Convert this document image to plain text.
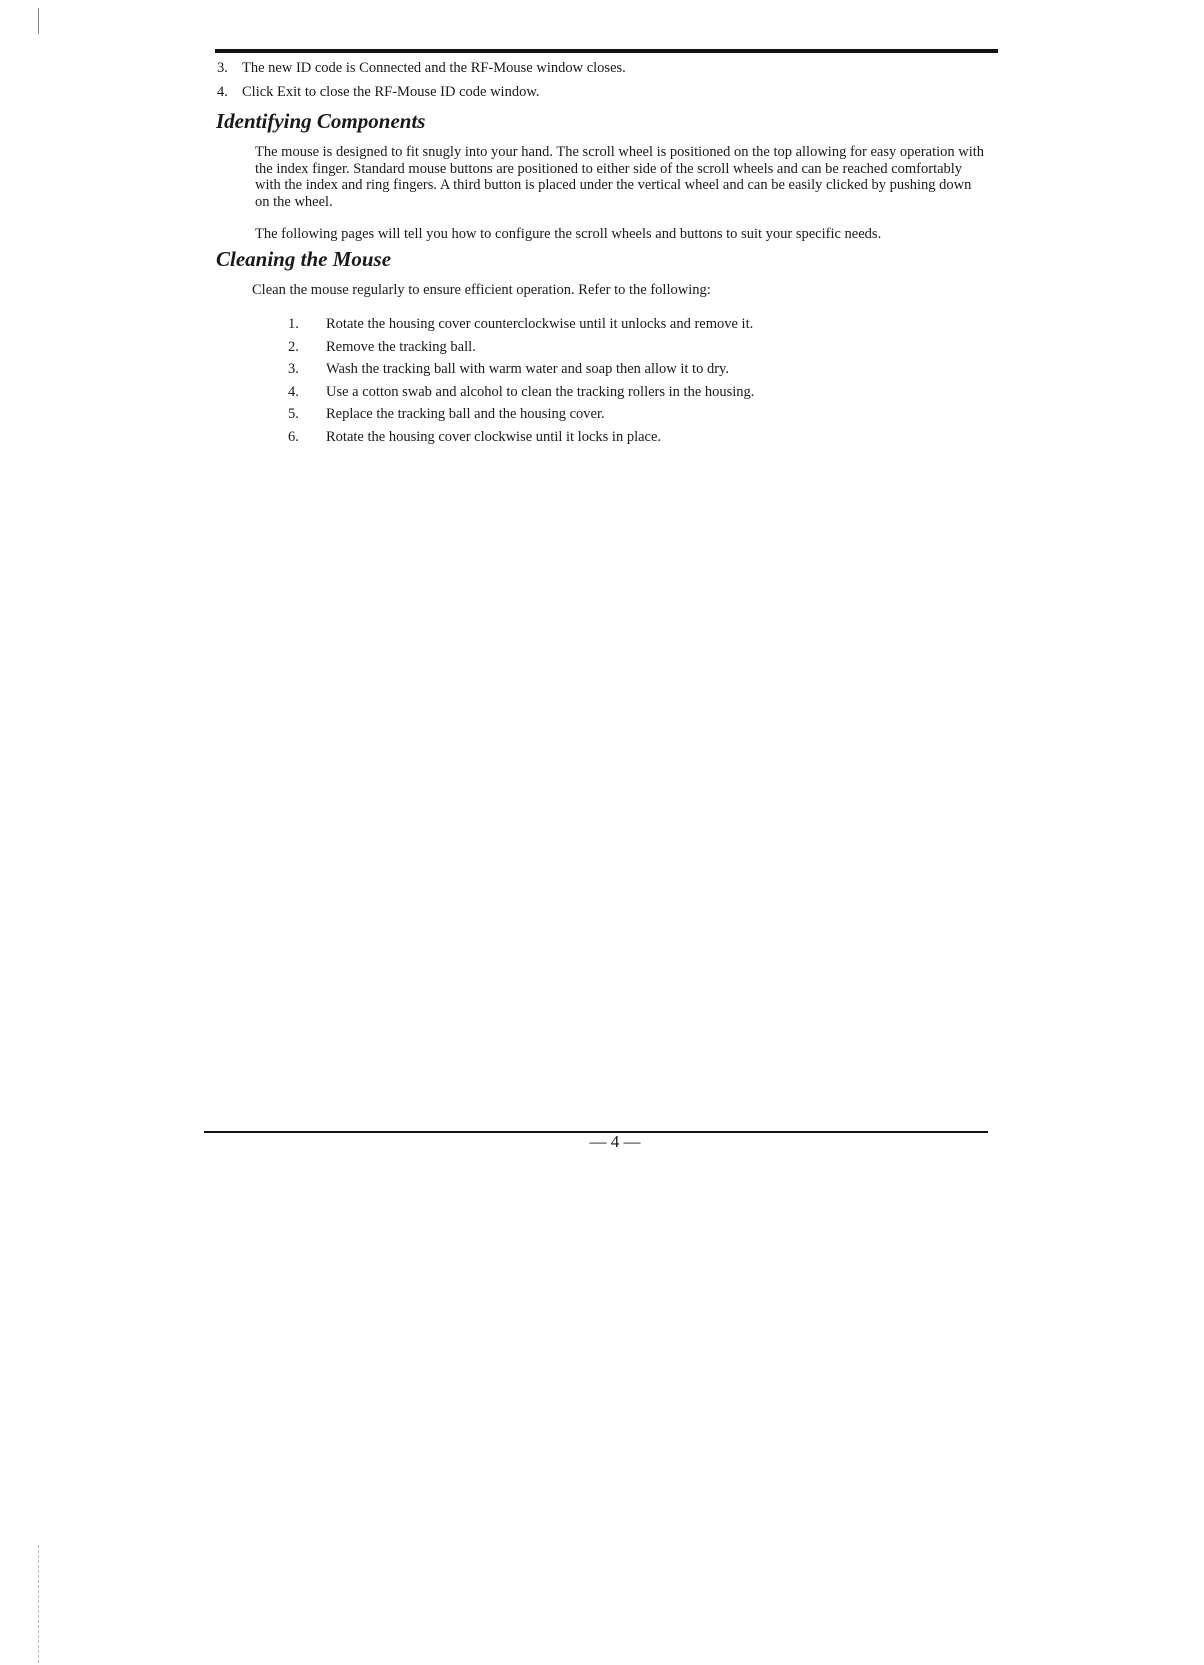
3. The new ID code is Connected and the RF-Mouse window closes.
4. Click Exit to close the RF-Mouse ID code window.
Identifying Components
The mouse is designed to fit snugly into your hand. The scroll wheel is positioned on the top allowing for easy operation with the index finger. Standard mouse buttons are positioned to either side of the scroll wheels and can be reached comfortably with the index and ring fingers. A third button is placed under the vertical wheel and can be easily clicked by pushing down on the wheel.
The following pages will tell you how to configure the scroll wheels and buttons to suit your specific needs.
Cleaning the Mouse
Clean the mouse regularly to ensure efficient operation. Refer to the following:
1. Rotate the housing cover counterclockwise until it unlocks and remove it.
2. Remove the tracking ball.
3. Wash the tracking ball with warm water and soap then allow it to dry.
4. Use a cotton swab and alcohol to clean the tracking rollers in the housing.
5. Replace the tracking ball and the housing cover.
6. Rotate the housing cover clockwise until it locks in place.
— 4 —
